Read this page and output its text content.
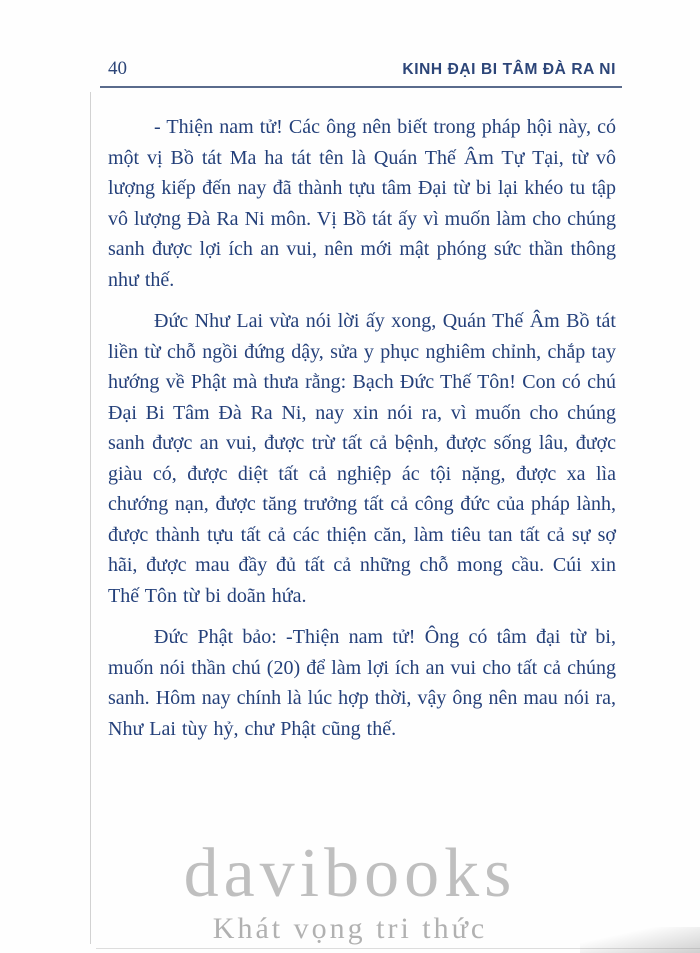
40	KINH ĐẠI BI TÂM ĐÀ RA NI
davibooks
Khát vọng tri thức

- Thiện nam tử! Các ông nên biết trong pháp hội này, có một vị Bồ tát Ma ha tát tên là Quán Thế Âm Tự Tại, từ vô lượng kiếp đến nay đã thành tựu tâm Đại từ bi lại khéo tu tập vô lượng Đà Ra Ni môn. Vị Bồ tát ấy vì muốn làm cho chúng sanh được lợi ích an vui, nên mới mật phóng sức thần thông như thế.

Đức Như Lai vừa nói lời ấy xong, Quán Thế Âm Bồ tát liền từ chỗ ngồi đứng dậy, sửa y phục nghiêm chỉnh, chắp tay hướng về Phật mà thưa rằng: Bạch Đức Thế Tôn! Con có chú Đại Bi Tâm Đà Ra Ni, nay xin nói ra, vì muốn cho chúng sanh được an vui, được trừ tất cả bệnh, được sống lâu, được giàu có, được diệt tất cả nghiệp ác tội nặng, được xa lìa chướng nạn, được tăng trưởng tất cả công đức của pháp lành, được thành tựu tất cả các thiện căn, làm tiêu tan tất cả sự sợ hãi, được mau đầy đủ tất cả những chỗ mong cầu. Cúi xin Thế Tôn từ bi doãn hứa.

Đức Phật bảo: -Thiện nam tử! Ông có tâm đại từ bi, muốn nói thần chú (20) để làm lợi ích an vui cho tất cả chúng sanh. Hôm nay chính là lúc hợp thời, vậy ông nên mau nói ra, Như Lai tùy hỷ, chư Phật cũng thế.
